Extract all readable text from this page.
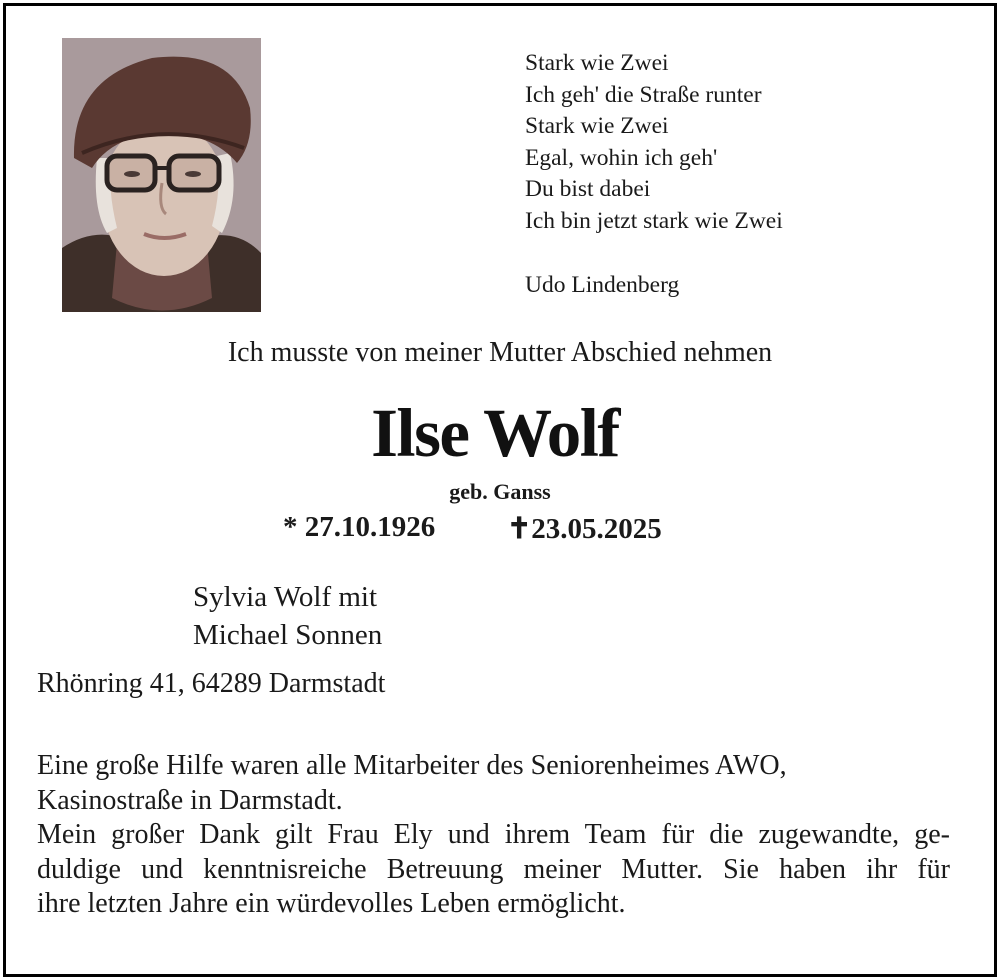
Stark wie Zwei
Ich geh' die Straße runter
Stark wie Zwei
Egal, wohin ich geh'
Du bist dabei
Ich bin jetzt stark wie Zwei
Udo Lindenberg
Ich musste von meiner Mutter Abschied nehmen
Ilse Wolf
geb. Ganss
* 27.10.1926 ✝23.05.2025
Sylvia Wolf mit
Michael Sonnen
Rhönring 41, 64289 Darmstadt
Eine große Hilfe waren alle Mitarbeiter des Seniorenheimes AWO,
Kasinostraße in Darmstadt.
Mein großer Dank gilt Frau Ely und ihrem Team für die zugewandte, ge-
duldige und kenntnisreiche Betreuung meiner Mutter. Sie haben ihr für
ihre letzten Jahre ein würdevolles Leben ermöglicht.
